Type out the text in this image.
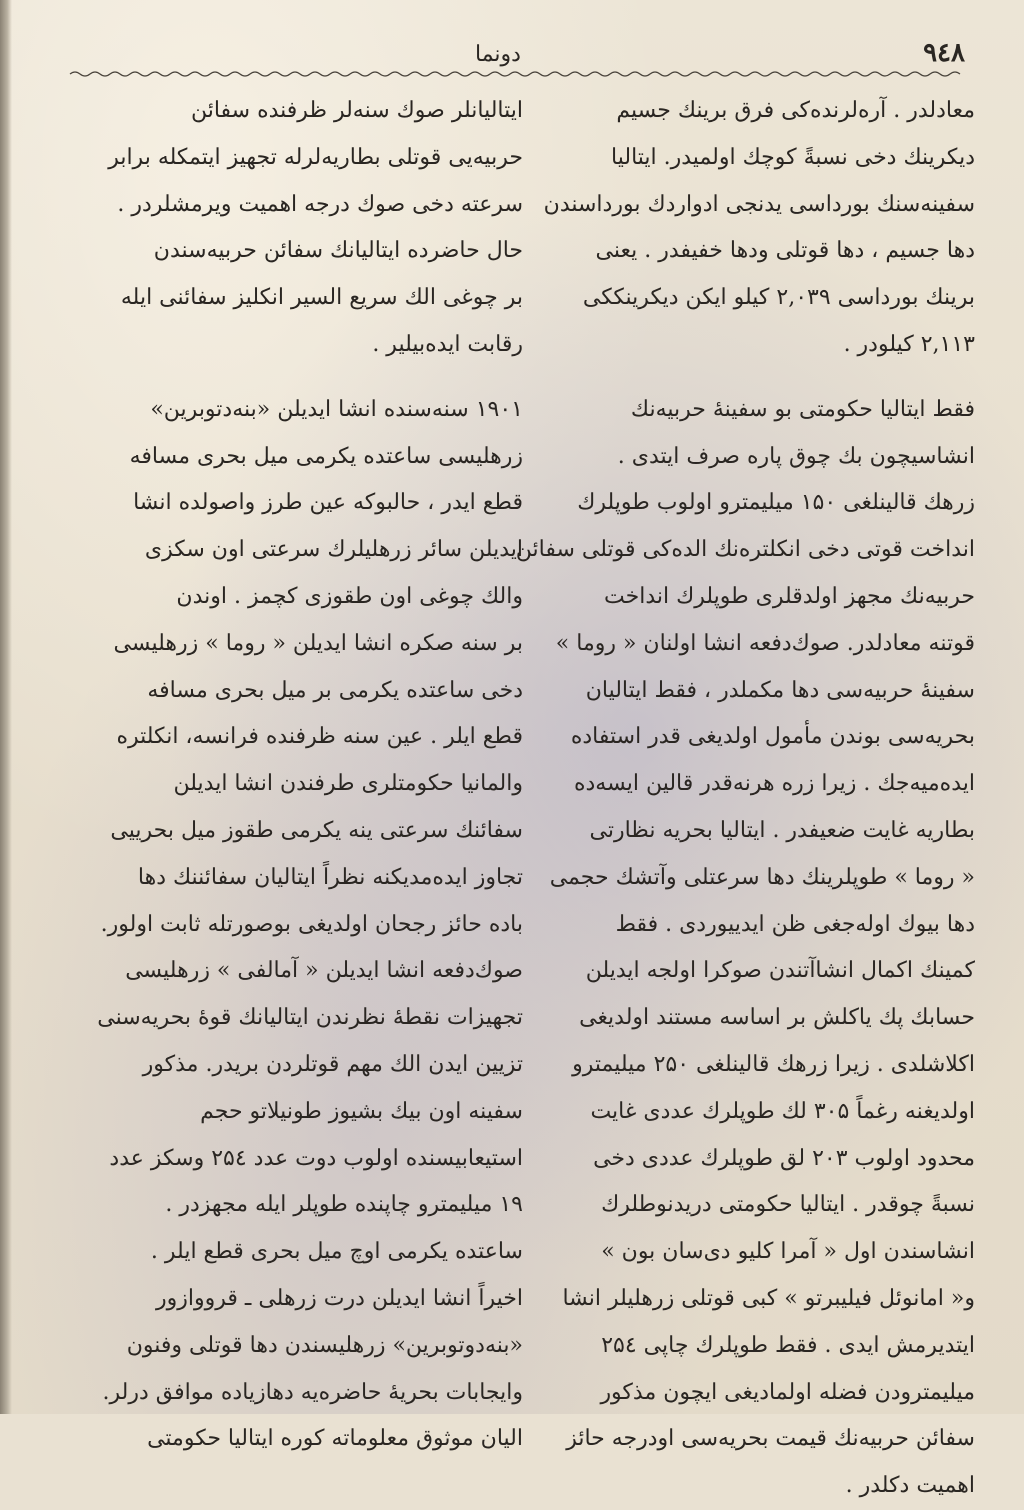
٩٤٨
دونما
معادلدر . آره‌لرنده‌کی فرق برینك جسیم
دیکرینك دخی نسبةً کوچك اولمیدر. ایتالیا
سفینه‌سنك بورداسی یدنجی ادواردك بورداسندن
دها جسیم ، دها قوتلی ودها خفیفدر . یعنی
برینك بورداسی ۲,۰۳۹ کیلو ایکن دیکرینککی
۲,۱۱۳ کیلودر .
فقط ایتالیا حکومتی بو سفینهٔ حربیه‌نك
انشاسیچون بك چوق پاره صرف ایتدی .
زرهك قالینلغی ۱۵۰ میلیمترو اولوب طوپلرك
انداخت قوتی دخی انکلتره‌نك الده‌کی قوتلی سفائن
حربیه‌نك مجهز اولدقلری طوپلرك انداخت
قوتنه معادلدر. صوك‌دفعه انشا اولنان « روما »
سفینهٔ حربیه‌سی دها مکملدر ، فقط ایتالیان
بحریه‌سی بوندن مأمول اولدیغی قدر استفاده
ایده‌میه‌جك . زیرا زره هرنه‌قدر قالین ایسه‌ده
بطاریه غایت ضعیفدر . ایتالیا بحریه نظارتی
« روما » طوپلرینك دها سرعتلی وآتشك حجمی
دها بیوك اوله‌جغی ظن ایدییوردی . فقط
کمینك اکمال انشاآتندن صوکرا اولجه ایدیلن
حسابك پك یاکلش بر اساسه مستند اولدیغی
اکلاشلدی . زیرا زرهك قالینلغی ۲۵۰ میلیمترو
اولدیغنه رغماً ۳۰۵ لك طوپلرك عددی غایت
محدود اولوب ۲۰۳ لق طوپلرك عددی دخی
نسبةً چوقدر . ایتالیا حکومتی دریدنوطلرك
انشاسندن اول « آمرا کلیو دی‌سان بون »
و« امانوئل فیلیبرتو » کبی قوتلی زرهلیلر انشا
ایتدیرمش ایدی . فقط طوپلرك چاپی ۲۵٤
میلیمترودن فضله اولمادیغی ایچون مذکور
سفائن حربیه‌نك قیمت بحریه‌سی اودرجه حائز
اهمیت دکلدر .
ایتالیانلر صوك سنه‌لر ظرفنده سفائن
حربیه‌یی قوتلی بطاریه‌لرله تجهیز ایتمکله برابر
سرعته دخی صوك درجه اهمیت ویرمشلردر .
حال حاضرده ایتالیانك سفائن حربیه‌سندن
بر چوغی الك سریع السیر انکلیز سفائنی ایله
رقابت ایده‌بیلیر .
۱۹۰۱ سنه‌سنده انشا ایدیلن «بنه‌دتوبرین»
زرهلیسی ساعتده یکرمی میل بحری مسافه
قطع ایدر ، حالبوکه عین طرز واصولده انشا
ایدیلن سائر زرهلیلرك سرعتی اون سکزی
والك چوغی اون طقوزی کچمز . اوندن
بر سنه صکره انشا ایدیلن « روما » زرهلیسی
دخی ساعتده یکرمی بر میل بحری مسافه
قطع ایلر . عین سنه ظرفنده فرانسه، انکلتره
والمانیا حکومتلری طرفندن انشا ایدیلن
سفائنك سرعتی ینه یکرمی طقوز میل بحرییی
تجاوز ایده‌مدیکنه نظراً ایتالیان سفائننك دها
باده حائز رجحان اولدیغی بوصورتله ثابت اولور.
صوك‌دفعه انشا ایدیلن « آمالفی » زرهلیسی
تجهیزات نقطهٔ نظرندن ایتالیانك قوهٔ بحریه‌سنی
تزیین ایدن الك مهم قوتلردن بریدر. مذکور
سفینه اون بیك بشیوز طونیلاتو حجم
استیعابیسنده اولوب دوت عدد ۲۵٤ وسکز عدد
۱۹ میلیمترو چاپنده طوپلر ایله مجهزدر .
ساعتده یکرمی اوچ میل بحری قطع ایلر .
اخیراً انشا ایدیلن درت زرهلی ـ قرووازور
«بنه‌دوتوبرین» زرهلیسندن دها قوتلی وفنون
وایجابات بحریهٔ حاضره‌یه دهازیاده موافق درلر.
الیان موثوق معلوماته کوره ایتالیا حکومتی
